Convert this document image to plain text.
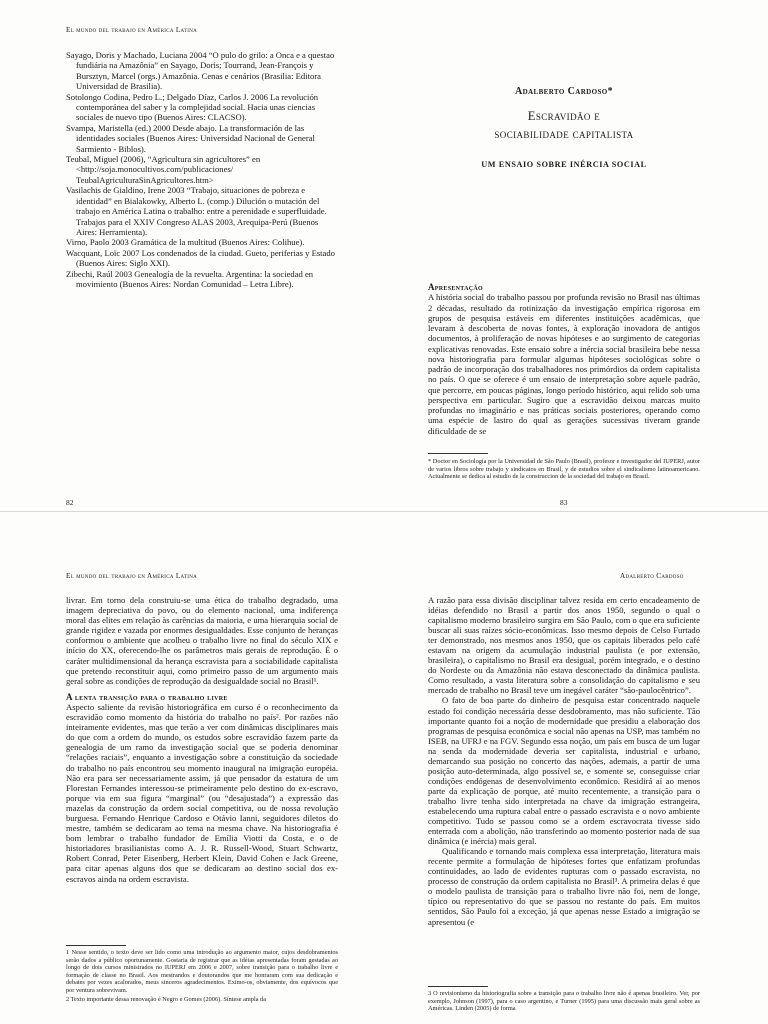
El mundo del trabajo en América Latina

Sayago, Doris y Machado, Luciana 2004 “O pulo do grilo: a Onca e a questao fundiária na Amazônia” en Sayago, Doris; Tourrand, Jean-François y Bursztyn, Marcel (orgs.) Amazônia. Cenas e cenários (Brasilia: Editora Universidad de Brasilia).

Sotolongo Codina, Pedro L.; Delgado Díaz, Carlos J. 2006 La revolución contemporánea del saber y la complejidad social. Hacia unas ciencias sociales de nuevo tipo (Buenos Aires: CLACSO).

Svampa, Maristella (ed.) 2000 Desde abajo. La transformación de las identidades sociales (Buenos Aires: Universidad Nacional de General Sarmiento - Biblos).

Teubal, Miguel (2006), “Agricultura sin agricultores” en <http://soja.monocultivos.com/publicaciones/ TeubalAgriculturaSinAgricultores.htm>

Vasilachis de Gialdino, Irene 2003 “Trabajo, situaciones de pobreza e identidad” en Bialakowky, Alberto L. (comp.) Dilución o mutación del trabajo en América Latina o trabalho: entre a perenidade e superfluidade. Trabajos para el XXIV Congreso ALAS 2003, Arequipa-Perú (Buenos Aires: Herramienta).

Virno, Paolo 2003 Gramática de la multitud (Buenos Aires: Colihue).

Wacquant, Loïc 2007 Los condenados de la ciudad. Gueto, periferias y Estado (Buenos Aires: Siglo XXI).

Zibechi, Raúl 2003 Genealogía de la revuelta. Argentina: la sociedad en movimiento (Buenos Aires: Nordan Comunidad – Letra Libre).

82
Adalberto Cardoso*
Escravidão e
sociabilidade capitalista
UM ENSAIO SOBRE INÉRCIA SOCIAL
Apresentação

A história social do trabalho passou por profunda revisão no Brasil nas últimas 2 décadas, resultado da rotinização da investigação empírica rigorosa em grupos de pesquisa estáveis em diferentes instituições acadêmicas, que levaram à descoberta de novas fontes, à exploração inovadora de antigos documentos, à proliferação de novas hipóteses e ao surgimento de categorias explicativas renovadas. Este ensaio sobre a inércia social brasileira bebe nessa nova historiografia para formular algumas hipóteses sociológicas sobre o padrão de incorporação dos trabalhadores nos primórdios da ordem capitalista no país. O que se oferece é um ensaio de interpretação sobre aquele padrão, que percorre, em poucas páginas, longo período histórico, aqui relido sob uma perspectiva em particular. Sugiro que a escravidão deixou marcas muito profundas no imaginário e nas práticas sociais posteriores, operando como uma espécie de lastro do qual as gerações sucessivas tiveram grande dificuldade de se

* Doctor en Sociología por la Universidad de São Paulo (Brasil), profesor e investigador del IUPERJ, autor de varios libros sobre trabajo y sindicatos en Brasil, y de estudios sobre el sindicalismo latinoamericano. Actualmente se dedica al estudio de la construccion de la sociedad del trabajo en Brasil.

83
El mundo del trabajo en América Latina

livrar. Em torno dela construiu-se uma ética do trabalho degradado, uma imagem depreciativa do povo, ou do elemento nacional, uma indiferença moral das elites em relação às carências da maioria, e uma hierarquia social de grande rigidez e vazada por enormes desigualdades. Esse conjunto de heranças conformou o ambiente que acolheu o trabalho livre no final do século XIX e início do XX, oferecendo-lhe os parâmetros mais gerais de reprodução. É o caráter multidimensional da herança escravista para a sociabilidade capitalista que pretendo reconstituir aqui, como primeiro passo de um argumento mais geral sobre as condições de reprodução da desigualdade social no Brasil¹.

A lenta transição para o trabalho livre

Aspecto saliente da revisão historiográfica em curso é o reconhecimento da escravidão como momento da história do trabalho no país². Por razões não inteiramente evidentes, mas que terão a ver com dinâmicas disciplinares mais do que com a ordem do mundo, os estudos sobre escravidão fazem parte da genealogia de um ramo da investigação social que se poderia denominar “relações raciais”, enquanto a investigação sobre a constituição da sociedade do trabalho no país encontrou seu momento inaugural na imigração européia. Não era para ser necessariamente assim, já que pensador da estatura de um Florestan Fernandes interessou-se primeiramente pelo destino do ex-escravo, porque via em sua figura “marginal” (ou “desajustada”) a expressão das mazelas da construção da ordem social competitiva, ou de nossa revolução burguesa. Fernando Henrique Cardoso e Otávio Ianni, seguidores diletos do mestre, também se dedicaram ao tema na mesma chave. Na historiografia é bom lembrar o trabalho fundador de Emília Viotti da Costa, e o de historiadores brasilianistas como A. J. R. Russell-Wood, Stuart Schwartz, Robert Conrad, Peter Eisenberg, Herbert Klein, David Cohen e Jack Greene, para citar apenas alguns dos que se dedicaram ao destino social dos ex-escravos ainda na ordem escravista.

1 Nesse sentido, o texto deve ser lido como uma introdução ao argumento maior, cujos desdobramentos serão dados a público oportunamente. Gostaria de registrar que as idéias apresentadas foram gestadas ao longo de dois cursos ministrados no IUPERJ em 2006 e 2007, sobre transição para o trabalho livre e formação de classe no Brasil. Aos mestrandos e doutorandos que me honraram com sua dedicação e debates por vezes acalorados, meus sinceros agradecimentos. Eximo-os, obviamente, dos equívocos que por ventura sobrevivam.

2 Texto importante dessa renovação é Negro e Gomes (2006). Síntese ampla da

Adalberto Cardoso

A razão para essa divisão disciplinar talvez resida em certo encadeamento de idéias defendido no Brasil a partir dos anos 1950, segundo o qual o capitalismo moderno brasileiro surgira em São Paulo, com o que era suficiente buscar ali suas raízes sócio-econômicas. Isso mesmo depois de Celso Furtado ter demonstrado, nos mesmos anos 1950, que os capitais liberados pelo café estavam na origem da acumulação industrial paulista (e por extensão, brasileira), o capitalismo no Brasil era desigual, porém integrado, e o destino do Nordeste ou da Amazônia não estava desconectado da dinâmica paulista. Como resultado, a vasta literatura sobre a consolidação do capitalismo e seu mercado de trabalho no Brasil teve um inegável caráter “são-paulocêntrico”.

O fato de boa parte do dinheiro de pesquisa estar concentrado naquele estado foi condição necessária desse desdobramento, mas não suficiente. Tão importante quanto foi a noção de modernidade que presidiu a elaboração dos programas de pesquisa econômica e social não apenas na USP, mas também no ISEB, na UFRJ e na FGV. Segundo essa noção, um país em busca de um lugar na senda da modernidade deveria ser capitalista, industrial e urbano, demarcando sua posição no concerto das nações, ademais, a partir de uma posição auto-determinada, algo possível se, e somente se, conseguisse criar condições endógenas de desenvolvimento econômico. Residirá aí ao menos parte da explicação de porque, até muito recentemente, a transição para o trabalho livre tenha sido interpretada na chave da imigração estrangeira, estabelecendo uma ruptura cabal entre o passado escravista e o novo ambiente competitivo. Tudo se passou como se a ordem escravocrata tivesse sido enterrada com a abolição, não transferindo ao momento posterior nada de sua dinâmica (e inércia) mais geral.

Qualificando e tornando mais complexa essa interpretação, literatura mais recente permite a formulação de hipóteses fortes que enfatizam profundas continuidades, ao lado de evidentes rupturas com o passado escravista, no processo de construção da ordem capitalista no Brasil³. A primeira delas é que o modelo paulista de transição para o trabalho livre não foi, nem de longe, típico ou representativo do que se passou no restante do país. Em muitos sentidos, São Paulo foi a exceção, já que apenas nesse Estado a imigração se apresentou (e

3 O revisionismo da historiografia sobre a transição para o trabalho livre não é apenas brasileiro. Ver, por exemplo, Johnson (1997), para o caso argentino, e Turner (1995) para uma discussão mais geral sobre as Américas. Linden (2005) de forma
